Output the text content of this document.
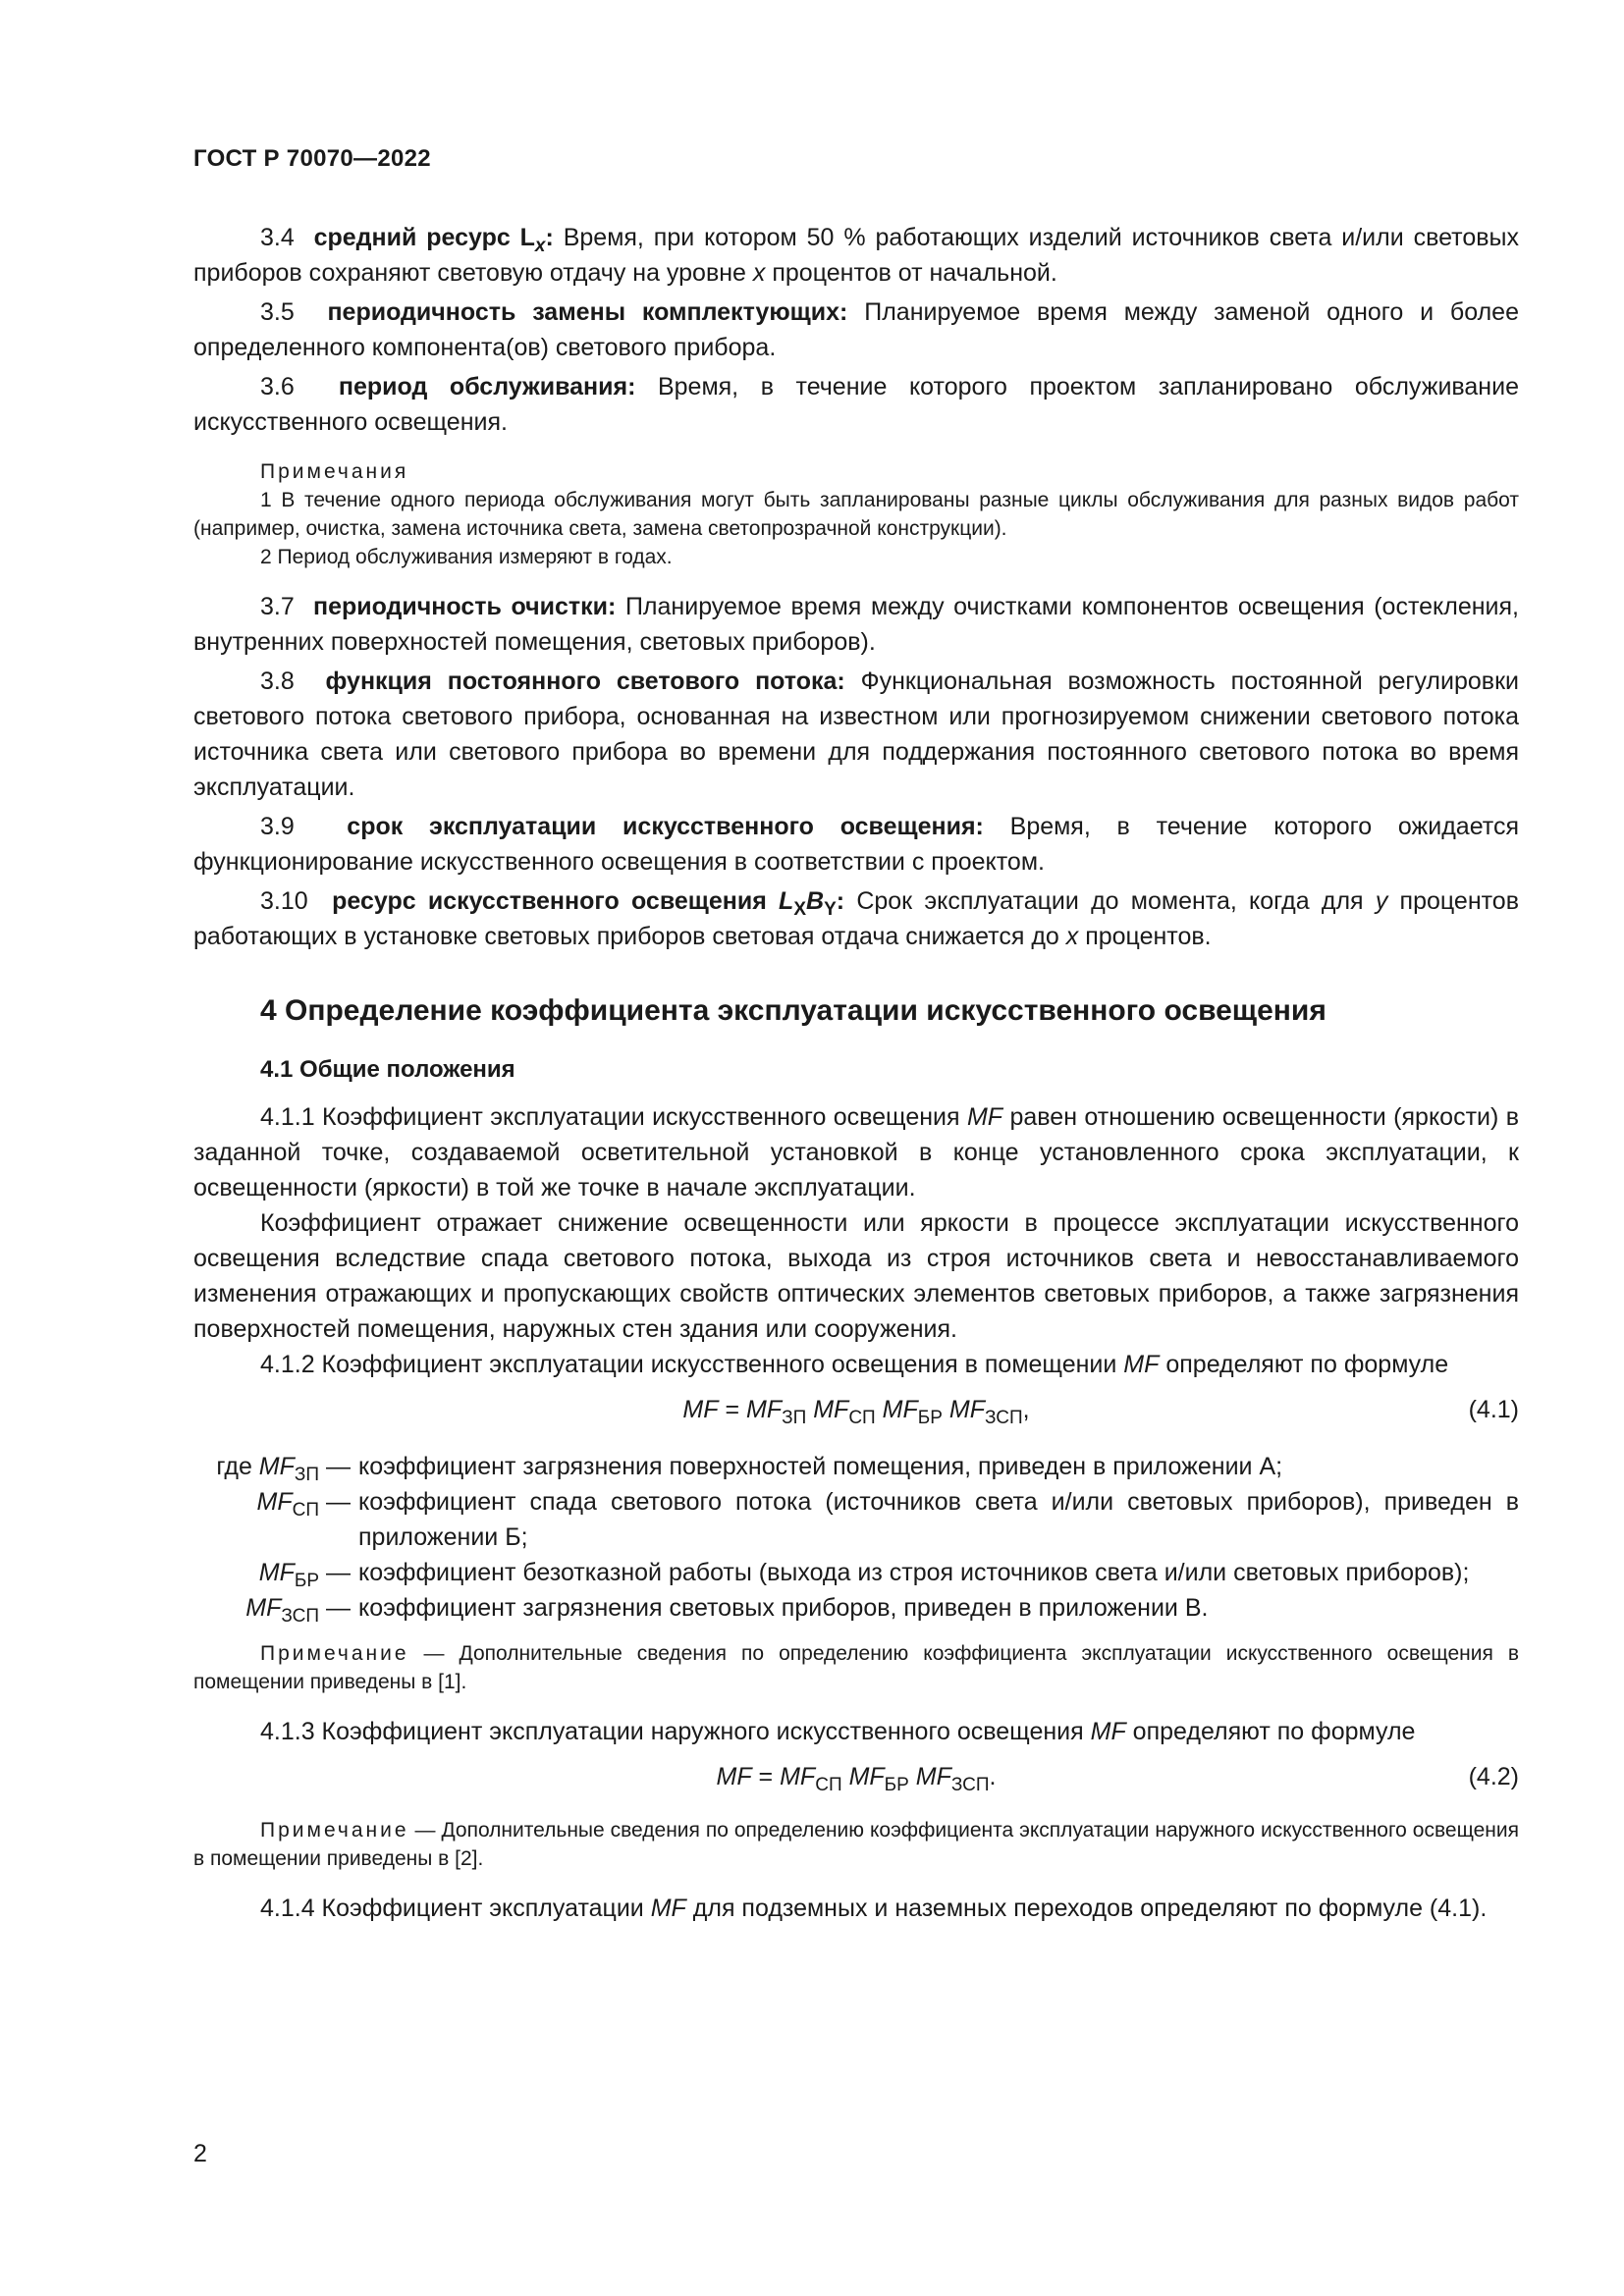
ГОСТ Р 70070—2022

3.4 средний ресурс $L_x$: Время, при котором 50 % работающих изделий источников света и/или световых приборов сохраняют световую отдачу на уровне x процентов от начальной.

3.5 периодичность замены комплектующих: Планируемое время между заменой одного и более определенного компонента(ов) светового прибора.

3.6 период обслуживания: Время, в течение которого проектом запланировано обслуживание искусственного освещения.

Примечания

1 В течение одного периода обслуживания могут быть запланированы разные циклы обслуживания для разных видов работ (например, очистка, замена источника света, замена светопрозрачной конструкции).

2 Период обслуживания измеряют в годах.

3.7 периодичность очистки: Планируемое время между очистками компонентов освещения (остекления, внутренних поверхностей помещения, световых приборов).

3.8 функция постоянного светового потока: Функциональная возможность постоянной регулировки светового потока светового прибора, основанная на известном или прогнозируемом снижении светового потока источника света или светового прибора во времени для поддержания постоянного светового потока во время эксплуатации.

3.9 срок эксплуатации искусственного освещения: Время, в течение которого ожидается функционирование искусственного освещения в соответствии с проектом.

3.10 ресурс искусственного освещения $L_XB_Y$: Срок эксплуатации до момента, когда для y процентов работающих в установке световых приборов световая отдача снижается до x процентов.

4 Определение коэффициента эксплуатации искусственного освещения
4.1 Общие положения

4.1.1 Коэффициент эксплуатации искусственного освещения MF равен отношению освещенности (яркости) в заданной точке, создаваемой осветительной установкой в конце установленного срока эксплуатации, к освещенности (яркости) в той же точке в начале эксплуатации.

Коэффициент отражает снижение освещенности или яркости в процессе эксплуатации искусственного освещения вследствие спада светового потока, выхода из строя источников света и невосстанавливаемого изменения отражающих и пропускающих свойств оптических элементов световых приборов, а также загрязнения поверхностей помещения, наружных стен здания или сооружения.

4.1.2 Коэффициент эксплуатации искусственного освещения в помещении MF определяют по формуле

MF = $MF_{ЗП}$ $MF_{СП}$ $MF_{БР}$ $MF_{ЗСП}$,	(4.1)
где $MF_{ЗП}$ — коэффициент загрязнения поверхностей помещения, приведен в приложении А;
$MF_{СП}$ — коэффициент спада светового потока (источников света и/или световых приборов), приведен в приложении Б;
$MF_{БР}$ — коэффициент безотказной работы (выхода из строя источников света и/или световых приборов);
$MF_{ЗСП}$ — коэффициент загрязнения световых приборов, приведен в приложении В.

Примечание — Дополнительные сведения по определению коэффициента эксплуатации искусственного освещения в помещении приведены в [1].

4.1.3 Коэффициент эксплуатации наружного искусственного освещения MF определяют по формуле

MF = $MF_{СП}$ $MF_{БР}$ $MF_{ЗСП}$.	(4.2)

Примечание — Дополнительные сведения по определению коэффициента эксплуатации наружного искусственного освещения в помещении приведены в [2].

4.1.4 Коэффициент эксплуатации MF для подземных и наземных переходов определяют по формуле (4.1).

2
